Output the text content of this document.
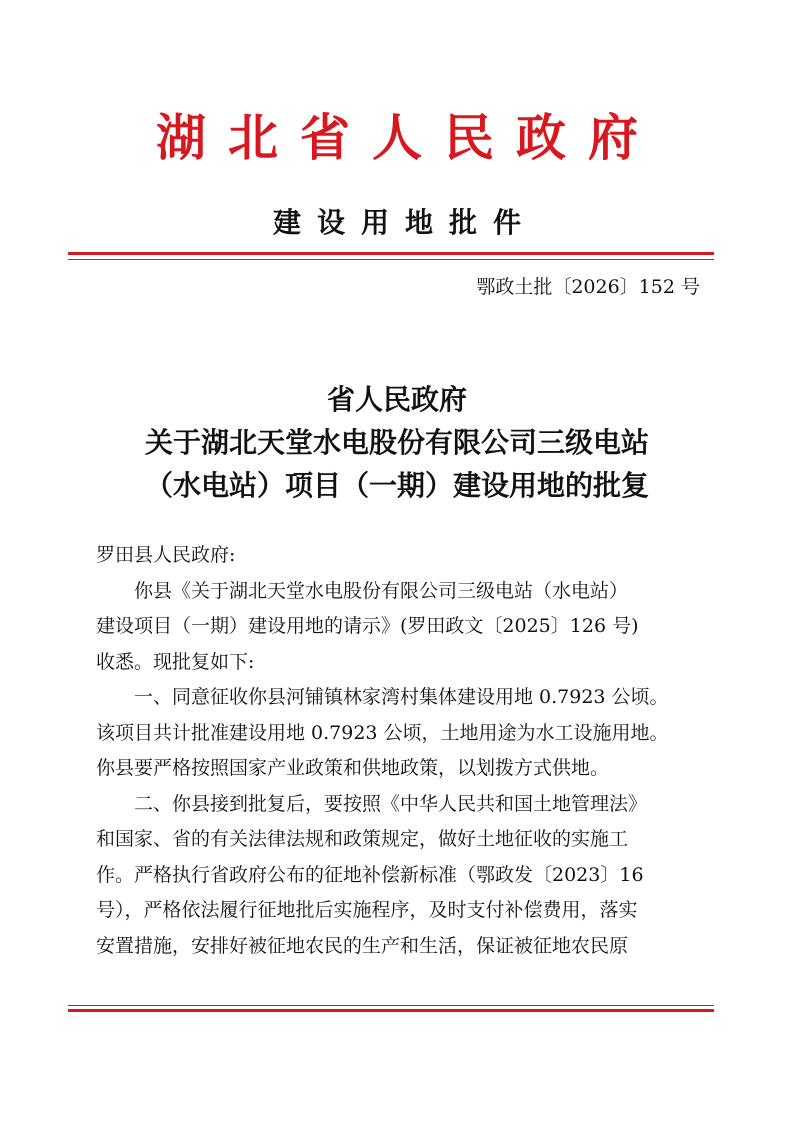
湖北省人民政府
建设用地批件
鄂政土批〔2026〕152 号
省人民政府
关于湖北天堂水电股份有限公司三级电站
（水电站）项目（一期）建设用地的批复

罗田县人民政府:

你县《关于湖北天堂水电股份有限公司三级电站（水电站）

建设项目（一期）建设用地的请示》(罗田政文〔2025〕126 号)

收悉。现批复如下:

一、同意征收你县河铺镇林家湾村集体建设用地 0.7923 公顷。

该项目共计批准建设用地 0.7923 公顷，土地用途为水工设施用地。

你县要严格按照国家产业政策和供地政策，以划拨方式供地。

二、你县接到批复后，要按照《中华人民共和国土地管理法》

和国家、省的有关法律法规和政策规定，做好土地征收的实施工

作。严格执行省政府公布的征地补偿新标准（鄂政发〔2023〕16

号），严格依法履行征地批后实施程序，及时支付补偿费用，落实

安置措施，安排好被征地农民的生产和生活，保证被征地农民原
